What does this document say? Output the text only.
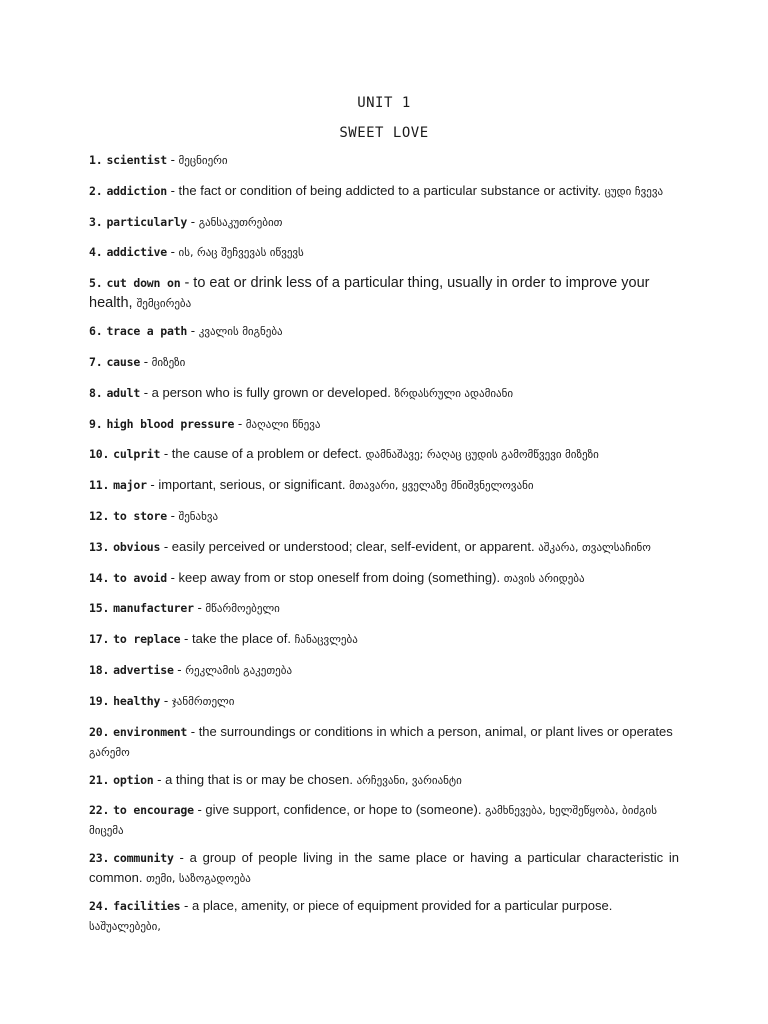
UNIT 1
SWEET LOVE

1. scientist - მეცნიერი

2. addiction - the fact or condition of being addicted to a particular substance or activity. ცუდი ჩვევა

3. particularly - განსაკუთრებით

4. addictive - ის, რაც შეჩვევას იწვევს

5. cut down on - to eat or drink less of a particular thing, usually in order to improve your health, შემცირება

6. trace a path - კვალის მიგნება

7. cause - მიზეზი

8. adult - a person who is fully grown or developed. ზრდასრული ადამიანი

9. high blood pressure - მაღალი წნევა

10. culprit - the cause of a problem or defect. დამნაშავე; რაღაც ცუდის გამომწვევი მიზეზი

11. major - important, serious, or significant. მთავარი, ყველაზე მნიშვნელოვანი

12. to store - შენახვა

13. obvious - easily perceived or understood; clear, self-evident, or apparent. აშკარა, თვალსაჩინო

14. to avoid - keep away from or stop oneself from doing (something). თავის არიდება

15. manufacturer - მწარმოებელი

17. to replace - take the place of. ჩანაცვლება

18. advertise - რეკლამის გაკეთება

19. healthy - ჯანმრთელი

20. environment - the surroundings or conditions in which a person, animal, or plant lives or operates გარემო

21. option - a thing that is or may be chosen. არჩევანი, ვარიანტი

22. to encourage - give support, confidence, or hope to (someone). გამხნევება, ხელშეწყობა, ბიძგის მიცემა

23. community - a group of people living in the same place or having a particular characteristic in common. თემი, საზოგადოება

24. facilities - a place, amenity, or piece of equipment provided for a particular purpose. საშუალებები,
